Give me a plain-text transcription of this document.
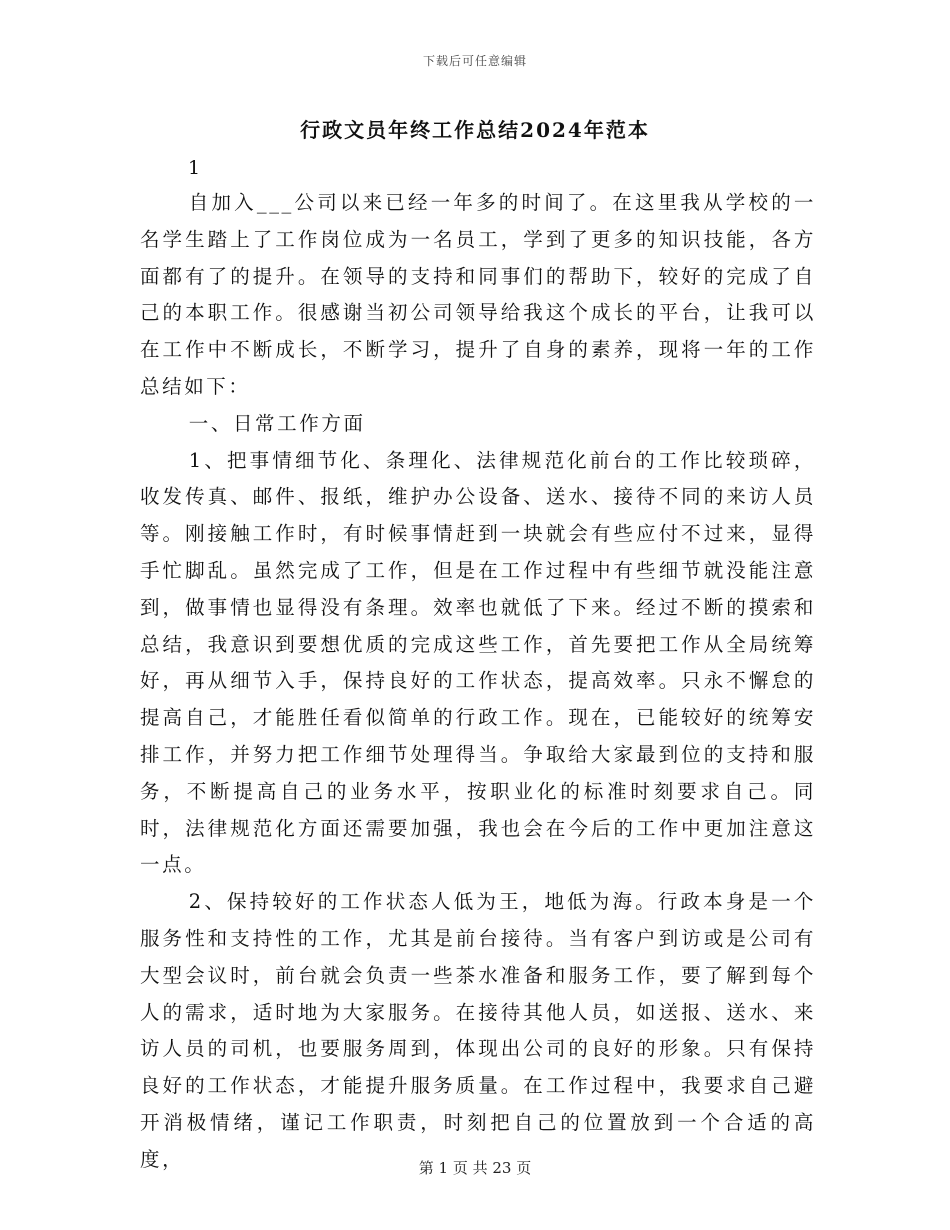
下载后可任意编辑
行政文员年终工作总结2024年范本
1

自加入___公司以来已经一年多的时间了。在这里我从学校的一名学生踏上了工作岗位成为一名员工，学到了更多的知识技能，各方面都有了的提升。在领导的支持和同事们的帮助下，较好的完成了自己的本职工作。很感谢当初公司领导给我这个成长的平台，让我可以在工作中不断成长，不断学习，提升了自身的素养，现将一年的工作总结如下：

一、日常工作方面

1、把事情细节化、条理化、法律规范化前台的工作比较琐碎，收发传真、邮件、报纸，维护办公设备、送水、接待不同的来访人员等。刚接触工作时，有时候事情赶到一块就会有些应付不过来，显得手忙脚乱。虽然完成了工作，但是在工作过程中有些细节就没能注意到，做事情也显得没有条理。效率也就低了下来。经过不断的摸索和总结，我意识到要想优质的完成这些工作，首先要把工作从全局统筹好，再从细节入手，保持良好的工作状态，提高效率。只永不懈怠的提高自己，才能胜任看似简单的行政工作。现在，已能较好的统筹安排工作，并努力把工作细节处理得当。争取给大家最到位的支持和服务，不断提高自己的业务水平，按职业化的标准时刻要求自己。同时，法律规范化方面还需要加强，我也会在今后的工作中更加注意这一点。

2、保持较好的工作状态人低为王，地低为海。行政本身是一个服务性和支持性的工作，尤其是前台接待。当有客户到访或是公司有大型会议时，前台就会负责一些茶水准备和服务工作，要了解到每个人的需求，适时地为大家服务。在接待其他人员，如送报、送水、来访人员的司机，也要服务周到，体现出公司的良好的形象。只有保持良好的工作状态，才能提升服务质量。在工作过程中，我要求自己避开消极情绪，谨记工作职责，时刻把自己的位置放到一个合适的高度，	第 1 页 共 23 页
